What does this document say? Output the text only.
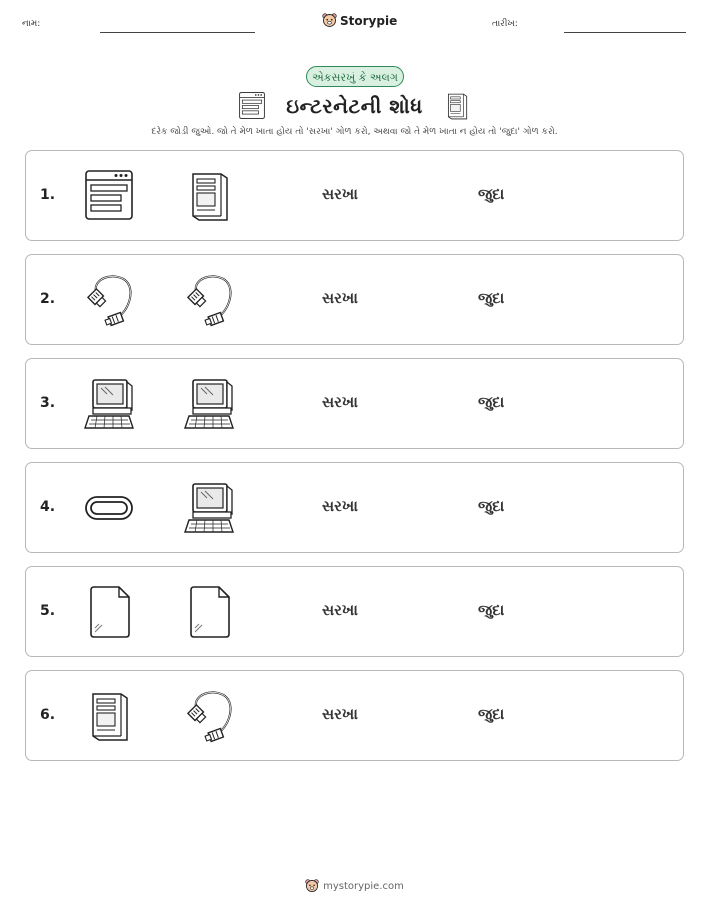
નામ:	Storypie	તારીખ:
એકસરખું કે અલગ
ઇન્ટરનેટની શોધ
દરેક જોડી જુઓ. જો તે મેળ ખાતા હોય તો 'સરખા' ગોળ કરો, અથવા જો તે મેળ ખાતા ન હોય તો 'જુદા' ગોળ કરો.
1.	સરખા	જુદા
2.	સરખા	જુદા
3.	સરખા	જુદા
4.	સરખા	જુદા
5.	સરખા	જુદા
6.	સરખા	જુદા
mystorypie.com
